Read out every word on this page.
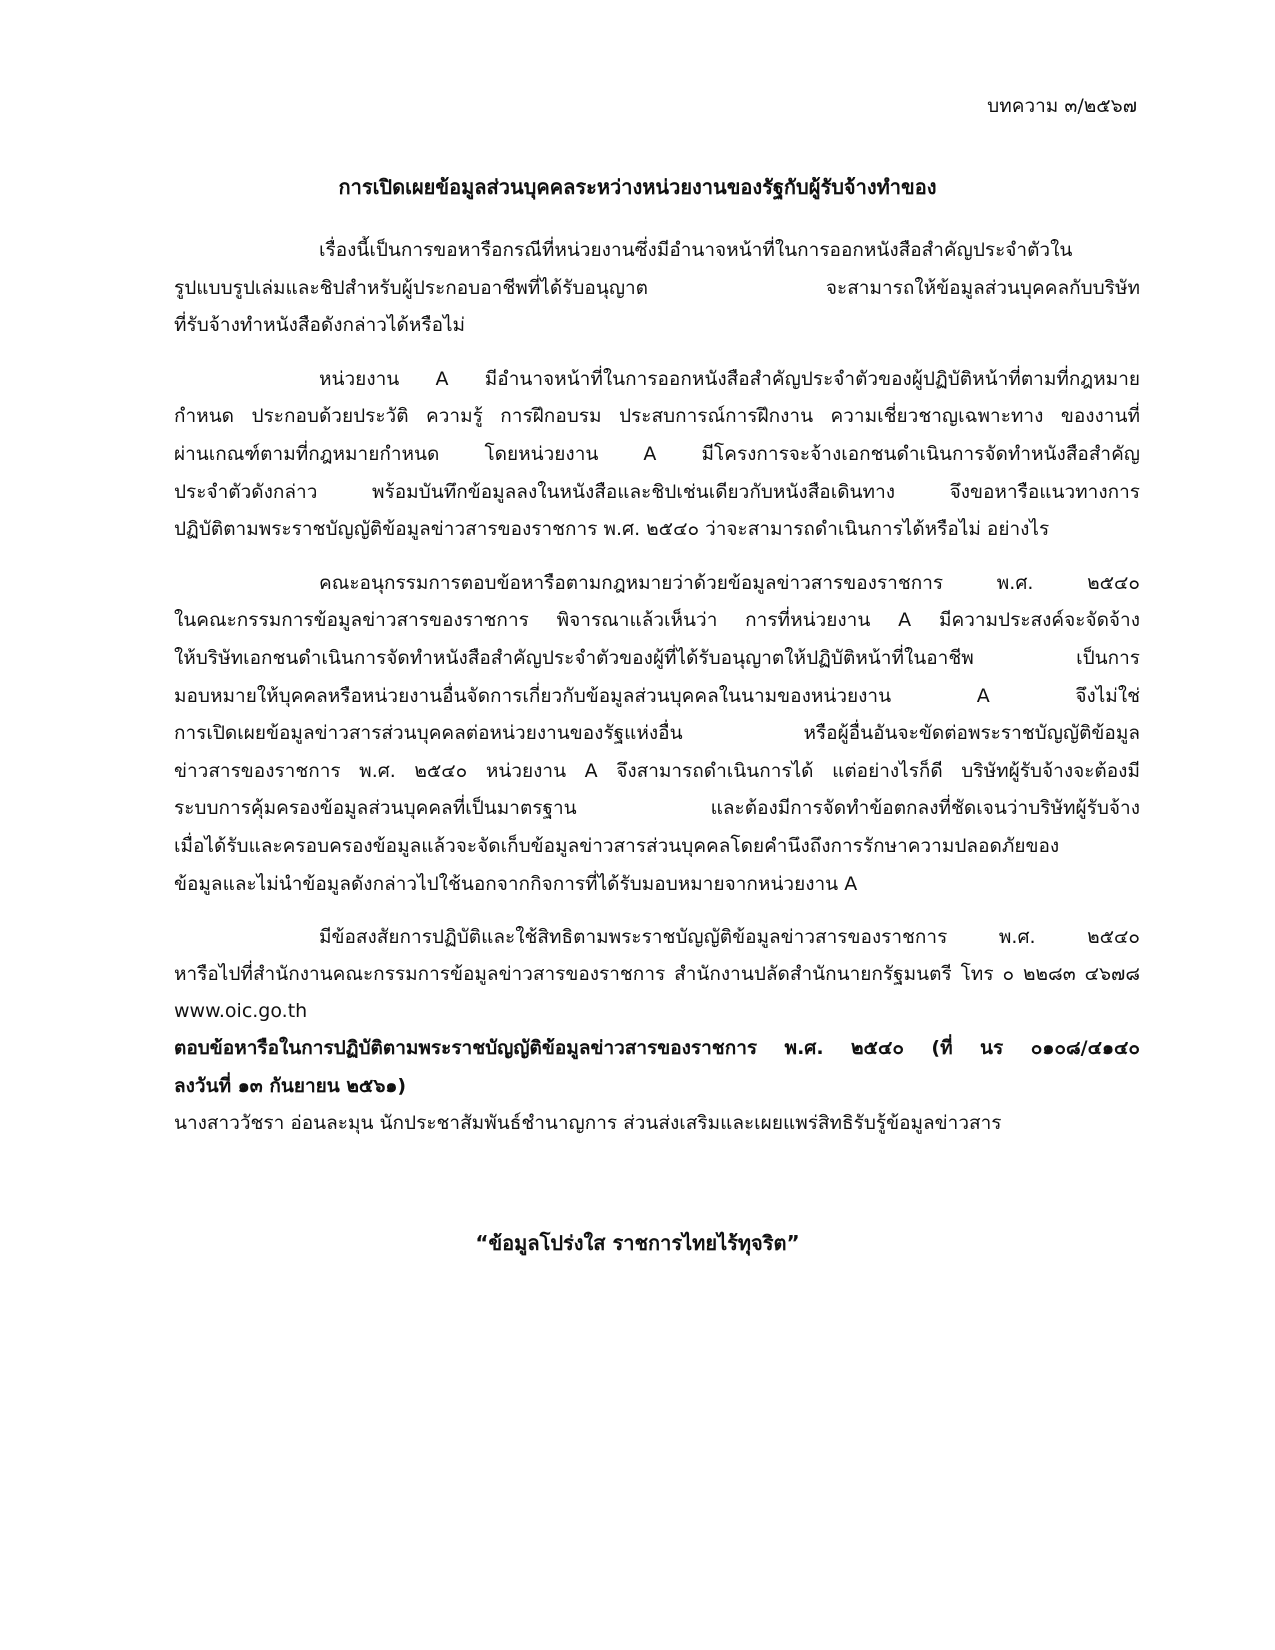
บทความ ๓/๒๕๖๗
การเปิดเผยข้อมูลส่วนบุคคลระหว่างหน่วยงานของรัฐกับผู้รับจ้างทำของ

เรื่องนี้เป็นการขอหารือกรณีที่หน่วยงานซึ่งมีอำนาจหน้าที่ในการออกหนังสือสำคัญประจำตัวใน
รูปแบบรูปเล่มและชิปสำหรับผู้ประกอบอาชีพที่ได้รับอนุญาต จะสามารถให้ข้อมูลส่วนบุคคลกับบริษัท
ที่รับจ้างทำหนังสือดังกล่าวได้หรือไม่

หน่วยงาน A มีอำนาจหน้าที่ในการออกหนังสือสำคัญประจำตัวของผู้ปฏิบัติหน้าที่ตามที่กฎหมาย
กำหนด ประกอบด้วยประวัติ ความรู้ การฝึกอบรม ประสบการณ์การฝึกงาน ความเชี่ยวชาญเฉพาะทาง ของงานที่
ผ่านเกณฑ์ตามที่กฎหมายกำหนด โดยหน่วยงาน A มีโครงการจะจ้างเอกชนดำเนินการจัดทำหนังสือสำคัญ
ประจำตัวดังกล่าว พร้อมบันทึกข้อมูลลงในหนังสือและชิปเช่นเดียวกับหนังสือเดินทาง จึงขอหารือแนวทางการ
ปฏิบัติตามพระราชบัญญัติข้อมูลข่าวสารของราชการ พ.ศ. ๒๕๔๐ ว่าจะสามารถดำเนินการได้หรือไม่ อย่างไร

คณะอนุกรรมการตอบข้อหารือตามกฎหมายว่าด้วยข้อมูลข่าวสารของราชการ พ.ศ. ๒๕๔๐
ในคณะกรรมการข้อมูลข่าวสารของราชการ พิจารณาแล้วเห็นว่า การที่หน่วยงาน A มีความประสงค์จะจัดจ้าง
ให้บริษัทเอกชนดำเนินการจัดทำหนังสือสำคัญประจำตัวของผู้ที่ได้รับอนุญาตให้ปฏิบัติหน้าที่ในอาชีพ เป็นการ
มอบหมายให้บุคคลหรือหน่วยงานอื่นจัดการเกี่ยวกับข้อมูลส่วนบุคคลในนามของหน่วยงาน A จึงไม่ใช่
การเปิดเผยข้อมูลข่าวสารส่วนบุคคลต่อหน่วยงานของรัฐแห่งอื่น หรือผู้อื่นอันจะขัดต่อพระราชบัญญัติข้อมูล
ข่าวสารของราชการ พ.ศ. ๒๕๔๐ หน่วยงาน A จึงสามารถดำเนินการได้ แต่อย่างไรก็ดี บริษัทผู้รับจ้างจะต้องมี
ระบบการคุ้มครองข้อมูลส่วนบุคคลที่เป็นมาตรฐาน และต้องมีการจัดทำข้อตกลงที่ชัดเจนว่าบริษัทผู้รับจ้าง
เมื่อได้รับและครอบครองข้อมูลแล้วจะจัดเก็บข้อมูลข่าวสารส่วนบุคคลโดยคำนึงถึงการรักษาความปลอดภัยของ
ข้อมูลและไม่นำข้อมูลดังกล่าวไปใช้นอกจากกิจการที่ได้รับมอบหมายจากหน่วยงาน A

มีข้อสงสัยการปฏิบัติและใช้สิทธิตามพระราชบัญญัติข้อมูลข่าวสารของราชการ พ.ศ. ๒๕๔๐
หารือไปที่สำนักงานคณะกรรมการข้อมูลข่าวสารของราชการ สำนักงานปลัดสำนักนายกรัฐมนตรี โทร ๐ ๒๒๘๓ ๔๖๗๘
www.oic.go.th

ตอบข้อหารือในการปฏิบัติตามพระราชบัญญัติข้อมูลข่าวสารของราชการ พ.ศ. ๒๕๔๐ (ที่ นร ๐๑๐๘/๔๑๔๐
ลงวันที่ ๑๓ กันยายน ๒๕๖๑)

นางสาววัชรา อ่อนละมุน นักประชาสัมพันธ์ชำนาญการ ส่วนส่งเสริมและเผยแพร่สิทธิรับรู้ข้อมูลข่าวสาร

“ข้อมูลโปร่งใส ราชการไทยไร้ทุจริต”
